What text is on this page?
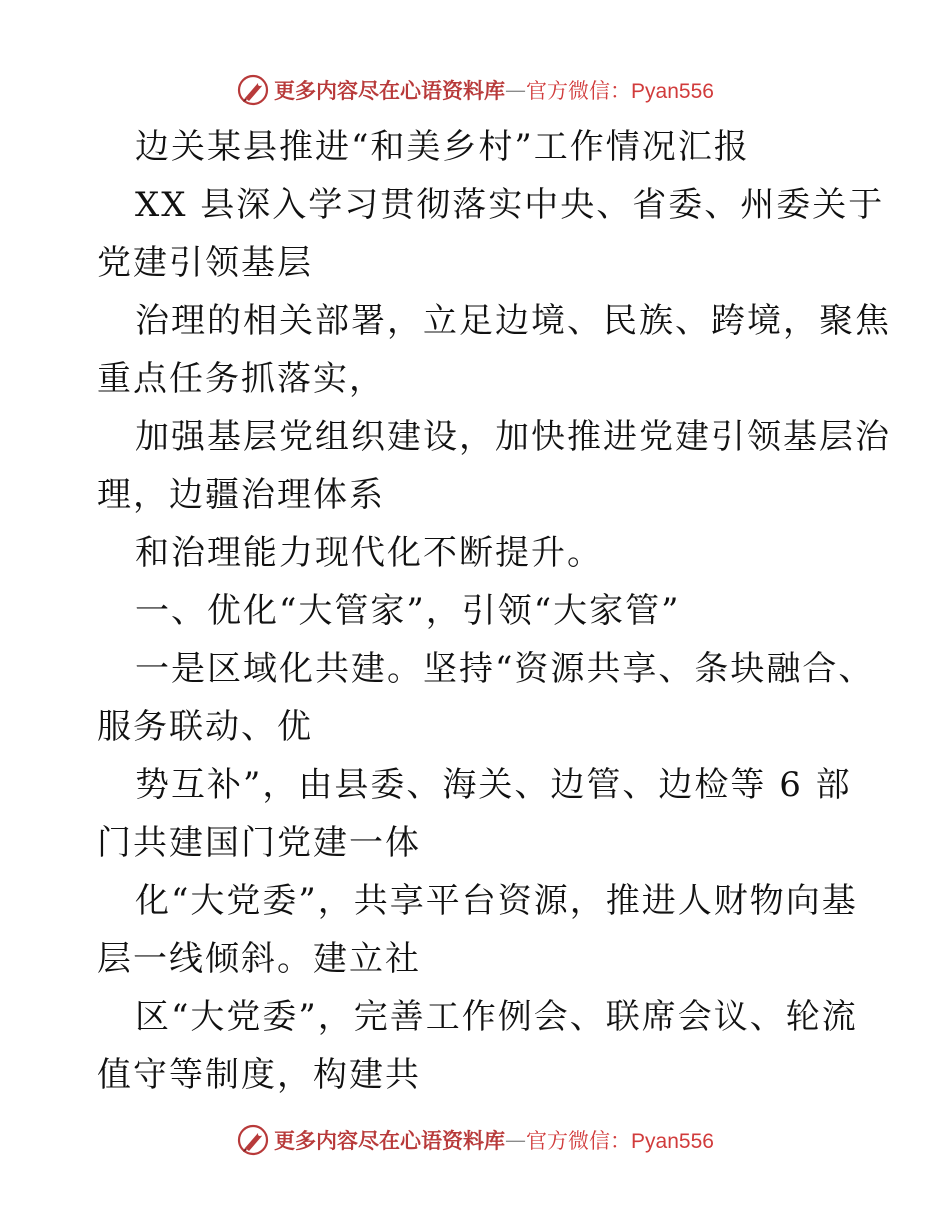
更多内容尽在心语资料库 — 官方微信：Pyan556
边关某县推进“和美乡村”工作情况汇报
XX 县深入学习贯彻落实中央、省委、州委关于
党建引领基层
治理的相关部署，立足边境、民族、跨境，聚焦
重点任务抓落实，
加强基层党组织建设，加快推进党建引领基层治
理，边疆治理体系
和治理能力现代化不断提升。
一、优化“大管家”，引领“大家管”
一是区域化共建。坚持“资源共享、条块融合、
服务联动、优
势互补”，由县委、海关、边管、边检等 6 部
门共建国门党建一体
化“大党委”，共享平台资源，推进人财物向基
层一线倾斜。建立社
区“大党委”，完善工作例会、联席会议、轮流
值守等制度，构建共
更多内容尽在心语资料库 — 官方微信：Pyan556
